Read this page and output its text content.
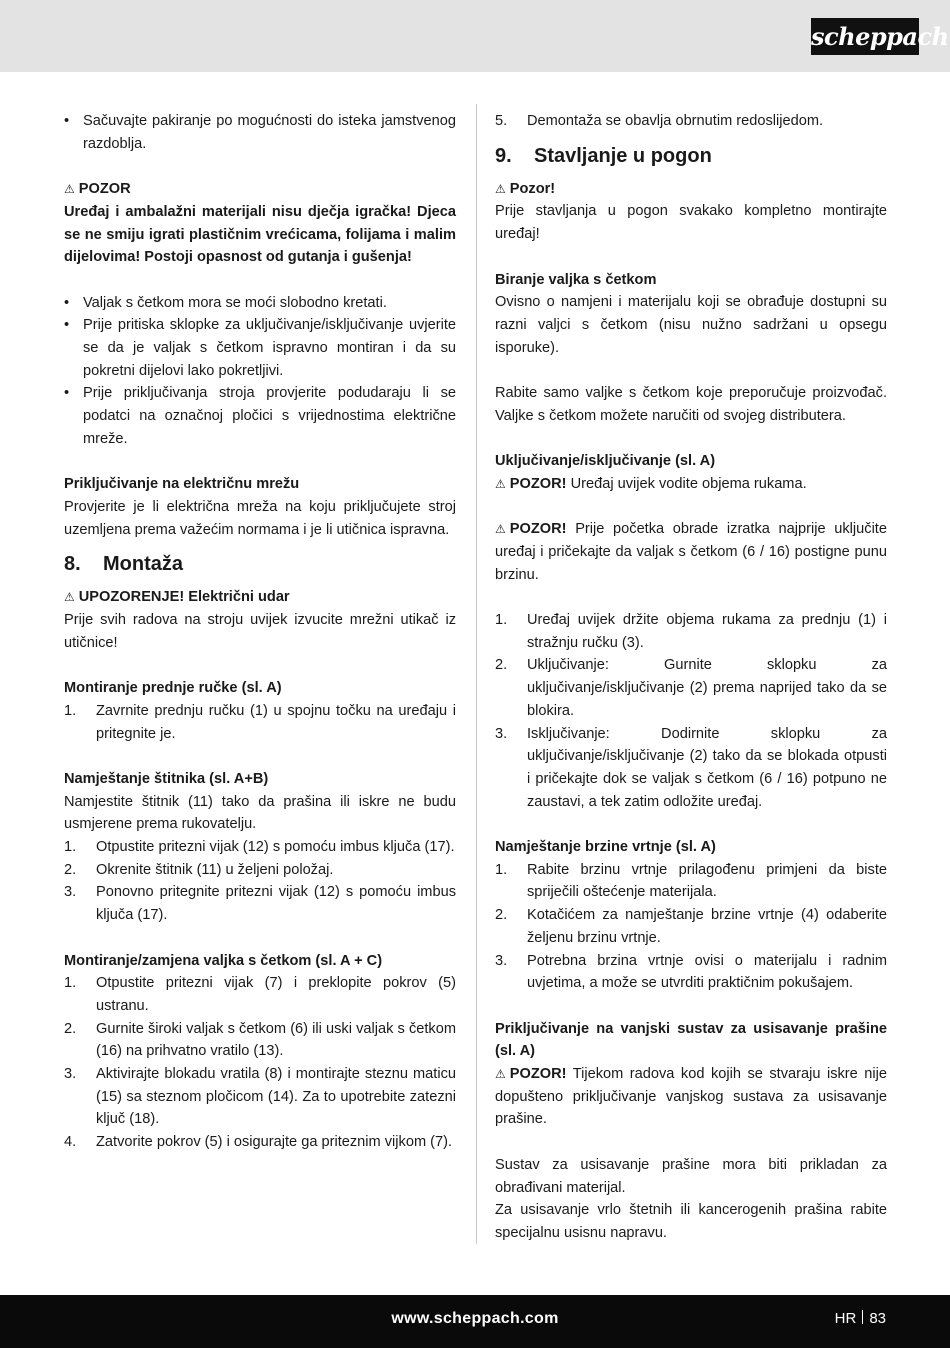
scheppach
• Sačuvajte pakiranje po mogućnosti do isteka jamstvenog razdoblja.

⚠ POZOR

Uređaj i ambalažni materijali nisu dječja igračka! Djeca se ne smiju igrati plastičnim vrećicama, folijama i malim dijelovima! Postoji opasnost od gutanja i gušenja!

• Valjak s četkom mora se moći slobodno kretati.
• Prije pritiska sklopke za uključivanje/isključivanje uvjerite se da je valjak s četkom ispravno montiran i da su pokretni dijelovi lako pokretljivi.
• Prije priključivanja stroja provjerite podudaraju li se podatci na označnoj pločici s vrijednostima električne mreže.

Priključivanje na električnu mrežu

Provjerite je li električna mreža na koju priključujete stroj uzemljena prema važećim normama i je li utičnica ispravna.

8.	Montaža

⚠ UPOZORENJE! Električni udar

Prije svih radova na stroju uvijek izvucite mrežni utikač iz utičnice!

Montiranje prednje ručke (sl. A)

1. Zavrnite prednju ručku (1) u spojnu točku na uređaju i pritegnite je.

Namještanje štitnika (sl. A+B)

Namjestite štitnik (11) tako da prašina ili iskre ne budu usmjerene prema rukovatelju.

1. Otpustite pritezni vijak (12) s pomoću imbus ključa (17).
2. Okrenite štitnik (11) u željeni položaj.
3. Ponovno pritegnite pritezni vijak (12) s pomoću imbus ključa (17).

Montiranje/zamjena valjka s četkom (sl. A + C)

1. Otpustite pritezni vijak (7) i preklopite pokrov (5) ustranu.
2. Gurnite široki valjak s četkom (6) ili uski valjak s četkom (16) na prihvatno vratilo (13).
3. Aktivirajte blokadu vratila (8) i montirajte steznu maticu (15) sa steznom pločicom (14). Za to upotrebite zatezni ključ (18).
4. Zatvorite pokrov (5) i osigurajte ga priteznim vijkom (7).
5. Demontaža se obavlja obrnutim redoslijedom.
9.	Stavljanje u pogon

⚠ Pozor!

Prije stavljanja u pogon svakako kompletno montirajte uređaj!

Biranje valjka s četkom

Ovisno o namjeni i materijalu koji se obrađuje dostupni su razni valjci s četkom (nisu nužno sadržani u opsegu isporuke).

Rabite samo valjke s četkom koje preporučuje proizvođač. Valjke s četkom možete naručiti od svojeg distributera.

Uključivanje/isključivanje (sl. A)

⚠ POZOR! Uređaj uvijek vodite objema rukama.

⚠ POZOR! Prije početka obrade izratka najprije uključite uređaj i pričekajte da valjak s četkom (6 / 16) postigne punu brzinu.

1. Uređaj uvijek držite objema rukama za prednju (1) i stražnju ručku (3).
2. Uključivanje: Gurnite sklopku za uključivanje/isključivanje (2) prema naprijed tako da se blokira.
3. Isključivanje: Dodirnite sklopku za uključivanje/isključivanje (2) tako da se blokada otpusti i pričekajte dok se valjak s četkom (6 / 16) potpuno ne zaustavi, a tek zatim odložite uređaj.

Namještanje brzine vrtnje (sl. A)

1. Rabite brzinu vrtnje prilagođenu primjeni da biste spriječili oštećenje materijala.
2. Kotačićem za namještanje brzine vrtnje (4) odaberite željenu brzinu vrtnje.
3. Potrebna brzina vrtnje ovisi o materijalu i radnim uvjetima, a može se utvrditi praktičnim pokušajem.

Priključivanje na vanjski sustav za usisavanje prašine (sl. A)

⚠ POZOR! Tijekom radova kod kojih se stvaraju iskre nije dopušteno priključivanje vanjskog sustava za usisavanje prašine.

Sustav za usisavanje prašine mora biti prikladan za obrađivani materijal.

Za usisavanje vrlo štetnih ili kancerogenih prašina rabite specijalnu usisnu napravu.

www.scheppach.com	HR 83
